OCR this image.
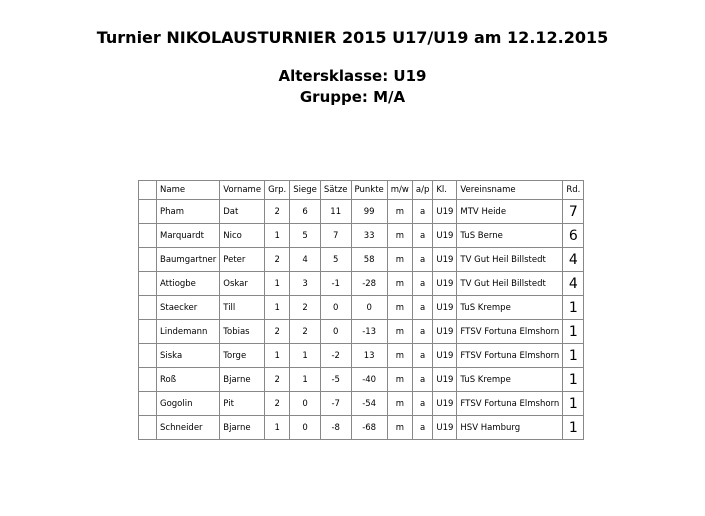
Turnier NIKOLAUSTURNIER 2015 U17/U19 am 12.12.2015
Altersklasse: U19
Gruppe: M/A
	Name	Vorname	Grp.	Siege	Sätze	Punkte	m/w	a/p	Kl.	Vereinsname	Rd.
	Pham	Dat	2	6	11	99	m	a	U19	MTV Heide	7
	Marquardt	Nico	1	5	7	33	m	a	U19	TuS Berne	6
	Baumgartner	Peter	2	4	5	58	m	a	U19	TV Gut Heil Billstedt	4
	Attiogbe	Oskar	1	3	-1	-28	m	a	U19	TV Gut Heil Billstedt	4
	Staecker	Till	1	2	0	0	m	a	U19	TuS Krempe	1
	Lindemann	Tobias	2	2	0	-13	m	a	U19	FTSV Fortuna Elmshorn	1
	Siska	Torge	1	1	-2	13	m	a	U19	FTSV Fortuna Elmshorn	1
	Roß	Bjarne	2	1	-5	-40	m	a	U19	TuS Krempe	1
	Gogolin	Pit	2	0	-7	-54	m	a	U19	FTSV Fortuna Elmshorn	1
	Schneider	Bjarne	1	0	-8	-68	m	a	U19	HSV Hamburg	1
